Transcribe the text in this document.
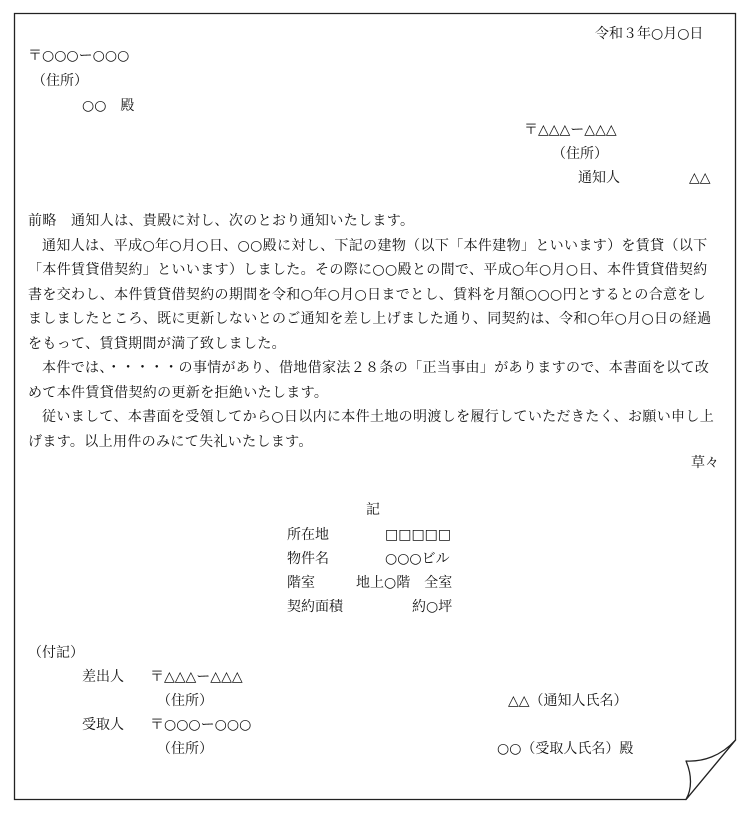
令和３年○月○日
〒○○○ー○○○
（住所）
○○　殿
〒△△△ー△△△
（住所）
通知人	△△

前略　通知人は、貴殿に対し、次のとおり通知いたします。

通知人は、平成○年○月○日、○○殿に対し、下記の建物（以下「本件建物」といいます）を賃貸（以下「本件賃貸借契約」といいます）しました。その際に○○殿との間で、平成○年○月○日、本件賃貸借契約書を交わし、本件賃貸借契約の期間を令和○年○月○日までとし、賃料を月額○○○円とするとの合意をしましましたところ、既に更新しないとのご通知を差し上げました通り、同契約は、令和○年○月○日の経過をもって、賃貸期間が満了致しました。

本件では、・・・・・の事情があり、借地借家法２８条の「正当事由」がありますので、本書面を以て改めて本件賃貸借契約の更新を拒絶いたします。

従いまして、本書面を受領してから○日以内に本件土地の明渡しを履行していただきたく、お願い申し上げます。以上用件のみにて失礼いたします。

草々
記
所在地	□□□□□
物件名	○○○ビル
階室	地上○階　全室
契約面積	約○坪
（付記）
差出人 〒△△△ー△△△
（住所）	△△（通知人氏名）
受取人 〒○○○ー○○○
（住所）	○○（受取人氏名）殿
